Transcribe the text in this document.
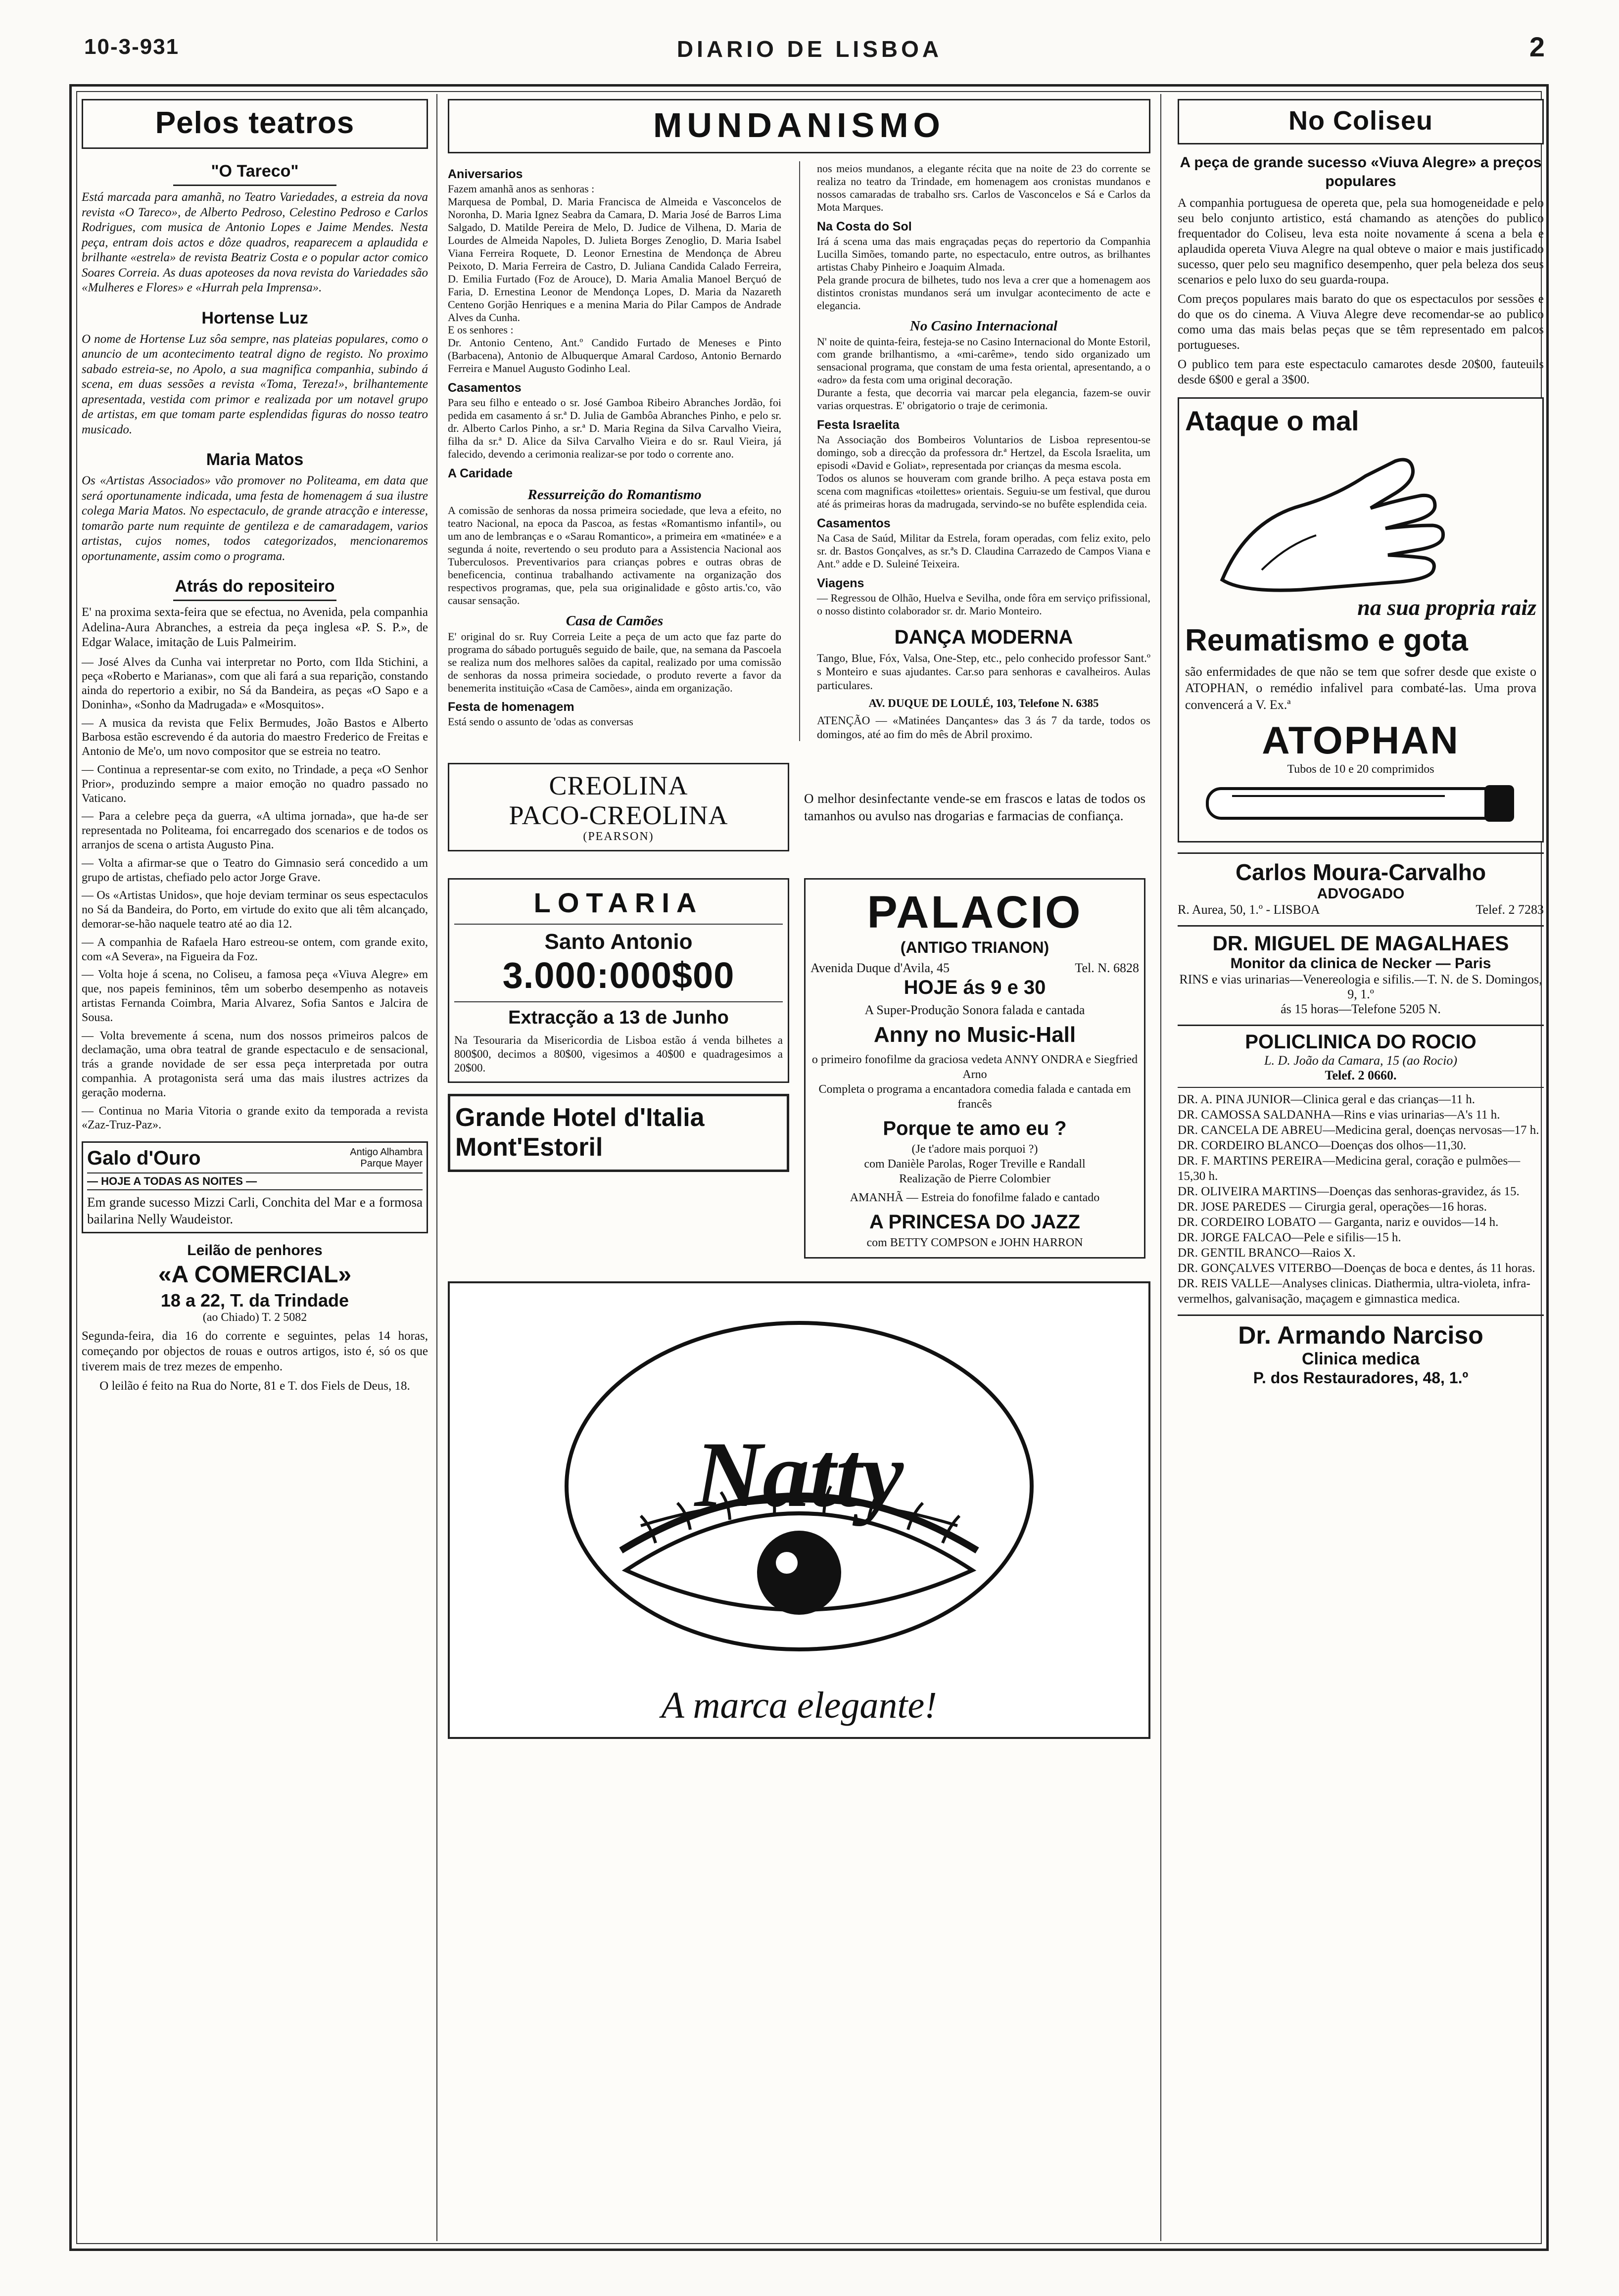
10-3-931	DIARIO DE LISBOA	2
Pelos teatros
"O Tareco"

Está marcada para amanhã, no Teatro Variedades, a estreia da nova revista «O Tareco», de Alberto Pedroso, Celestino Pedroso e Carlos Rodrigues, com musica de Antonio Lopes e Jaime Mendes. Nesta peça, entram dois actos e dôze quadros, reaparecem a aplaudida e brilhante «estrela» de revista Beatriz Costa e o popular actor comico Soares Correia. As duas apoteoses da nova revista do Variedades são «Mulheres e Flores» e «Hurrah pela Imprensa».

Hortense Luz

O nome de Hortense Luz sôa sempre, nas plateias populares, como o anuncio de um acontecimento teatral digno de registo. No proximo sabado estreia-se, no Apolo, a sua magnifica companhia, subindo á scena, em duas sessões a revista «Toma, Tereza!», brilhantemente apresentada, vestida com primor e realizada por um notavel grupo de artistas, em que tomam parte esplendidas figuras do nosso teatro musicado.

Maria Matos

Os «Artistas Associados» vão promover no Politeama, em data que será oportunamente indicada, uma festa de homenagem á sua ilustre colega Maria Matos. No espectaculo, de grande atracção e interesse, tomarão parte num requinte de gentileza e de camaradagem, varios artistas, cujos nomes, todos categorizados, mencionaremos oportunamente, assim como o programa.

Atrás do repositeiro

E' na proxima sexta-feira que se efectua, no Avenida, pela companhia Adelina-Aura Abranches, a estreia da peça inglesa «P. S. P.», de Edgar Walace, imitação de Luis Palmeirim.

— José Alves da Cunha vai interpretar no Porto, com Ilda Stichini, a peça «Roberto e Marianas», com que ali fará a sua reparição, constando ainda do repertorio a exibir, no Sá da Bandeira, as peças «O Sapo e a Doninha», «Sonho da Madrugada» e «Mosquitos».

— A musica da revista que Felix Bermudes, João Bastos e Alberto Barbosa estão escrevendo é da autoria do maestro Frederico de Freitas e Antonio de Me'o, um novo compositor que se estreia no teatro.

— Continua a representar-se com exito, no Trindade, a peça «O Senhor Prior», produzindo sempre a maior emoção no quadro passado no Vaticano.

— Para a celebre peça da guerra, «A ultima jornada», que ha-de ser representada no Politeama, foi encarregado dos scenarios e de todos os arranjos de scena o artista Augusto Pina.

— Volta a afirmar-se que o Teatro do Gimnasio será concedido a um grupo de artistas, chefiado pelo actor Jorge Grave.

— Os «Artistas Unidos», que hoje deviam terminar os seus espectaculos no Sá da Bandeira, do Porto, em virtude do exito que ali têm alcançado, demorar-se-hão naquele teatro até ao dia 12.

— A companhia de Rafaela Haro estreou-se ontem, com grande exito, com «A Severa», na Figueira da Foz.

— Volta hoje á scena, no Coliseu, a famosa peça «Viuva Alegre» em que, nos papeis femininos, têm um soberbo desempenho as notaveis artistas Fernanda Coimbra, Maria Alvarez, Sofia Santos e Jalcira de Sousa.

— Volta brevemente á scena, num dos nossos primeiros palcos de declamação, uma obra teatral de grande espectaculo e de sensacional, trás a grande novidade de ser essa peça interpretada por outra companhia. A protagonista será uma das mais ilustres actrizes da geração moderna.

— Continua no Maria Vitoria o grande exito da temporada a revista «Zaz-Truz-Paz».

Galo d'Ouro	Antigo Alhambra
Parque Mayer
— HOJE A TODAS AS NOITES —
Em grande sucesso Mizzi Carli, Conchita del Mar e a formosa bailarina Nelly Waudeistor.
Leilão de penhores
«A COMERCIAL»
18 a 22, T. da Trindade
(ao Chiado) T. 2 5082
Segunda-feira, dia 16 do corrente e seguintes, pelas 14 horas, começando por objectos de rouas e outros artigos, isto é, só os que tiverem mais de trez mezes de empenho.
O leilão é feito na Rua do Norte, 81 e T. dos Fiels de Deus, 18.
MUNDANISMO
Aniversarios
Fazem amanhã anos as senhoras :
Marquesa de Pombal, D. Maria Francisca de Almeida e Vasconcelos de Noronha, D. Maria Ignez Seabra da Camara, D. Maria José de Barros Lima Salgado, D. Matilde Pereira de Melo, D. Judice de Vilhena, D. Maria de Lourdes de Almeida Napoles, D. Julieta Borges Zenoglio, D. Maria Isabel Viana Ferreira Roquete, D. Leonor Ernestina de Mendonça de Abreu Peixoto, D. Maria Ferreira de Castro, D. Juliana Candida Calado Ferreira, D. Emilia Furtado (Foz de Arouce), D. Maria Amalia Manoel Berçuó de Faria, D. Ernestina Leonor de Mendonça Lopes, D. Maria da Nazareth Centeno Gorjão Henriques e a menina Maria do Pilar Campos de Andrade Alves da Cunha.
E os senhores :
Dr. Antonio Centeno, Ant.º Candido Furtado de Meneses e Pinto (Barbacena), Antonio de Albuquerque Amaral Cardoso, Antonio Bernardo Ferreira e Manuel Augusto Godinho Leal.
Casamentos
Para seu filho e enteado o sr. José Gamboa Ribeiro Abranches Jordão, foi pedida em casamento á sr.ª D. Julia de Gambôa Abranches Pinho, e pelo sr. dr. Alberto Carlos Pinho, a sr.ª D. Maria Regina da Silva Carvalho Vieira, filha da sr.ª D. Alice da Silva Carvalho Vieira e do sr. Raul Vieira, já falecido, devendo a cerimonia realizar-se por todo o corrente ano.
A Caridade
Ressurreição do Romantismo
A comissão de senhoras da nossa primeira sociedade, que leva a efeito, no teatro Nacional, na epoca da Pascoa, as festas «Romantismo infantil», ou um ano de lembranças e o «Sarau Romantico», a primeira em «matinée» e a segunda á noite, revertendo o seu produto para a Assistencia Nacional aos Tuberculosos. Preventivarios para crianças pobres e outras obras de beneficencia, continua trabalhando activamente na organização dos respectivos programas, que, pela sua originalidade e gôsto artis.'co, vão causar sensação.
Casa de Camões
E' original do sr. Ruy Correia Leite a peça de um acto que faz parte do programa do sábado português seguido de baile, que, na semana da Pascoela se realiza num dos melhores salões da capital, realizado por uma comissão de senhoras da nossa primeira sociedade, o produto reverte a favor da benemerita instituição «Casa de Camões», ainda em organização.
Festa de homenagem
Está sendo o assunto de 'odas as conversas
nos meios mundanos, a elegante récita que na noite de 23 do corrente se realiza no teatro da Trindade, em homenagem aos cronistas mundanos e nossos camaradas de trabalho srs. Carlos de Vasconcelos e Sá e Carlos da Mota Marques.
Na Costa do Sol
Irá á scena uma das mais engraçadas peças do repertorio da Companhia Lucilla Simões, tomando parte, no espectaculo, entre outros, as brilhantes artistas Chaby Pinheiro e Joaquim Almada.
Pela grande procura de bilhetes, tudo nos leva a crer que a homenagem aos distintos cronistas mundanos será um invulgar acontecimento de acte e elegancia.
No Casino Internacional
N' noite de quinta-feira, festeja-se no Casino Internacional do Monte Estoril, com grande brilhantismo, a «mi-carême», tendo sido organizado um sensacional programa, que constam de uma festa oriental, apresentando, a o «adro» da festa com uma original decoração.
Durante a festa, que decorria vai marcar pela elegancia, fazem-se ouvir varias orquestras. E' obrigatorio o traje de cerimonia.
Festa Israelita
Na Associação dos Bombeiros Voluntarios de Lisboa representou-se domingo, sob a direcção da professora dr.ª Hertzel, da Escola Israelita, um episodi «David e Goliat», representada por crianças da mesma escola.
Todos os alunos se houveram com grande brilho. A peça estava posta em scena com magnificas «toilettes» orientais. Seguiu-se um festival, que durou até ás primeiras horas da madrugada, servindo-se no bufête esplendida ceia.
Casamentos
Na Casa de Saúd, Militar da Estrela, foram operadas, com feliz exito, pelo sr. dr. Bastos Gonçalves, as sr.ªs D. Claudina Carrazedo de Campos Viana e Ant.º adde e D. Suleiné Teixeira.
Viagens
— Regressou de Olhão, Huelva e Sevilha, onde fôra em serviço prifissional, o nosso distinto colaborador sr. dr. Mario Monteiro.
DANÇA MODERNA
Tango, Blue, Fóx, Valsa, One-Step, etc., pelo conhecido professor Sant.º s Monteiro e suas ajudantes. Car.so para senhoras e cavalheiros. Aulas particulares.
AV. DUQUE DE LOULÉ, 103, Telefone N. 6385
ATENÇÃO — «Matinées Dançantes» das 3 ás 7 da tarde, todos os domingos, até ao fim do mês de Abril proximo.
CREOLINA
PACO-CREOLINA
(PEARSON)
O melhor desinfectante vende-se em frascos e latas de todos os tamanhos ou avulso nas drogarias e farmacias de confiança.
LOTARIA
Santo Antonio
3.000:000$00
Extracção a 13 de Junho
Na Tesouraria da Misericordia de Lisboa estão á venda bilhetes a 800$00, decimos a 80$00, vigesimos a 40$00 e quadragesimos a 20$00.
Grande Hotel d'Italia
Mont'Estoril
PALACIO
(ANTIGO TRIANON)
Avenida Duque d'Avila, 45	Tel. N. 6828
HOJE ás 9 e 30
A Super-Produção Sonora falada e cantada
Anny no Music-Hall
o primeiro fonofilme da graciosa vedeta ANNY ONDRA e Siegfried Arno
Completa o programa a encantadora comedia falada e cantada em francês
Porque te amo eu ?
(Je t'adore mais porquoi ?)
com Danièle Parolas, Roger Treville e Randall
Realização de Pierre Colombier
AMANHÃ — Estreia do fonofilme falado e cantado
A PRINCESA DO JAZZ
com BETTY COMPSON e JOHN HARRON
Natty
A marca elegante!
No Coliseu
A peça de grande sucesso «Viuva Alegre» a preços populares
A companhia portuguesa de opereta que, pela sua homogeneidade e pelo seu belo conjunto artistico, está chamando as atenções do publico frequentador do Coliseu, leva esta noite novamente á scena a bela e aplaudida opereta Viuva Alegre na qual obteve o maior e mais justificado sucesso, quer pelo seu magnifico desempenho, quer pela beleza dos seus scenarios e pelo luxo do seu guarda-roupa.
Com preços populares mais barato do que os espectaculos por sessões e do que os do cinema. A Viuva Alegre deve recomendar-se ao publico como uma das mais belas peças que se têm representado em palcos portugueses.
O publico tem para este espectaculo camarotes desde 20$00, fauteuils desde 6$00 e geral a 3$00.
Ataque o mal
na sua propria raiz
Reumatismo e gota
são enfermidades de que não se tem que sofrer desde que existe o ATOPHAN, o remédio infalivel para combaté-las. Uma prova convencerá a V. Ex.ª
ATOPHAN
Tubos de 10 e 20 comprimidos
Carlos Moura-Carvalho
ADVOGADO
R. Aurea, 50, 1.º - LISBOA	Telef. 2 7283
DR. MIGUEL DE MAGALHAES
Monitor da clinica de Necker — Paris
RINS e vias urinarias—Venereologia e sifilis.—T. N. de S. Domingos, 9, 1.º
ás 15 horas—Telefone 5205 N.
POLICLINICA DO ROCIO
L. D. João da Camara, 15 (ao Rocio)
Telef. 2 0660.
DR. A. PINA JUNIOR—Clinica geral e das crianças—11 h.
DR. CAMOSSA SALDANHA—Rins e vias urinarias—A's 11 h.
DR. CANCELA DE ABREU—Medicina geral, doenças nervosas—17 h.
DR. CORDEIRO BLANCO—Doenças dos olhos—11,30.
DR. F. MARTINS PEREIRA—Medicina geral, coração e pulmões—15,30 h.
DR. OLIVEIRA MARTINS—Doenças das senhoras-gravidez, ás 15.
DR. JOSE PAREDES — Cirurgia geral, operações—16 horas.
DR. CORDEIRO LOBATO — Garganta, nariz e ouvidos—14 h.
DR. JORGE FALCAO—Pele e sifilis—15 h.
DR. GENTIL BRANCO—Raios X.
DR. GONÇALVES VITERBO—Doenças de boca e dentes, ás 11 horas.
DR. REIS VALLE—Analyses clinicas. Diathermia, ultra-violeta, infra-vermelhos, galvanisação, maçagem e gimnastica medica.
Dr. Armando Narciso
Clinica medica
P. dos Restauradores, 48, 1.º
